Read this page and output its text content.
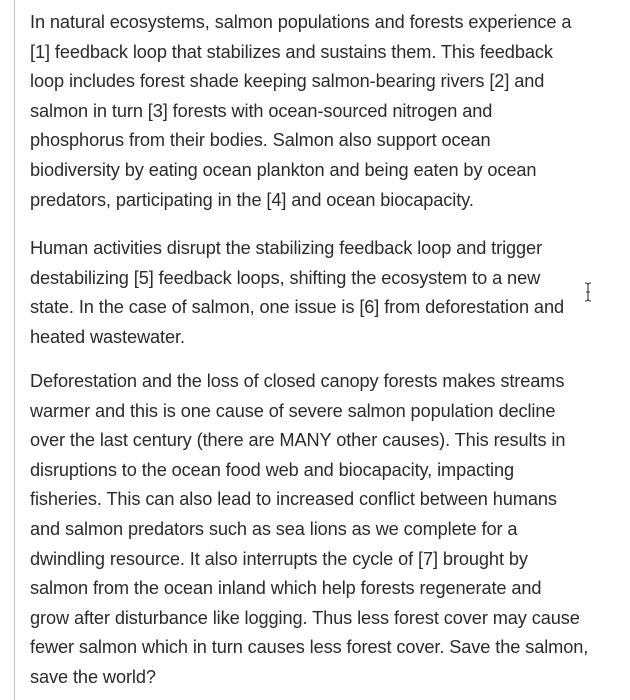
In natural ecosystems, salmon populations and forests experience a
[1] feedback loop that stabilizes and sustains them. This feedback
loop includes forest shade keeping salmon-bearing rivers [2] and
salmon in turn [3] forests with ocean-sourced nitrogen and
phosphorus from their bodies. Salmon also support ocean
biodiversity by eating ocean plankton and being eaten by ocean
predators, participating in the [4] and ocean biocapacity.
Human activities disrupt the stabilizing feedback loop and trigger
destabilizing [5] feedback loops, shifting the ecosystem to a new
state. In the case of salmon, one issue is [6] from deforestation and
heated wastewater.
Deforestation and the loss of closed canopy forests makes streams
warmer and this is one cause of severe salmon population decline
over the last century (there are MANY other causes). This results in
disruptions to the ocean food web and biocapacity, impacting
fisheries. This can also lead to increased conflict between humans
and salmon predators such as sea lions as we complete for a
dwindling resource. It also interrupts the cycle of [7] brought by
salmon from the ocean inland which help forests regenerate and
grow after disturbance like logging. Thus less forest cover may cause
fewer salmon which in turn causes less forest cover. Save the salmon,
save the world?
